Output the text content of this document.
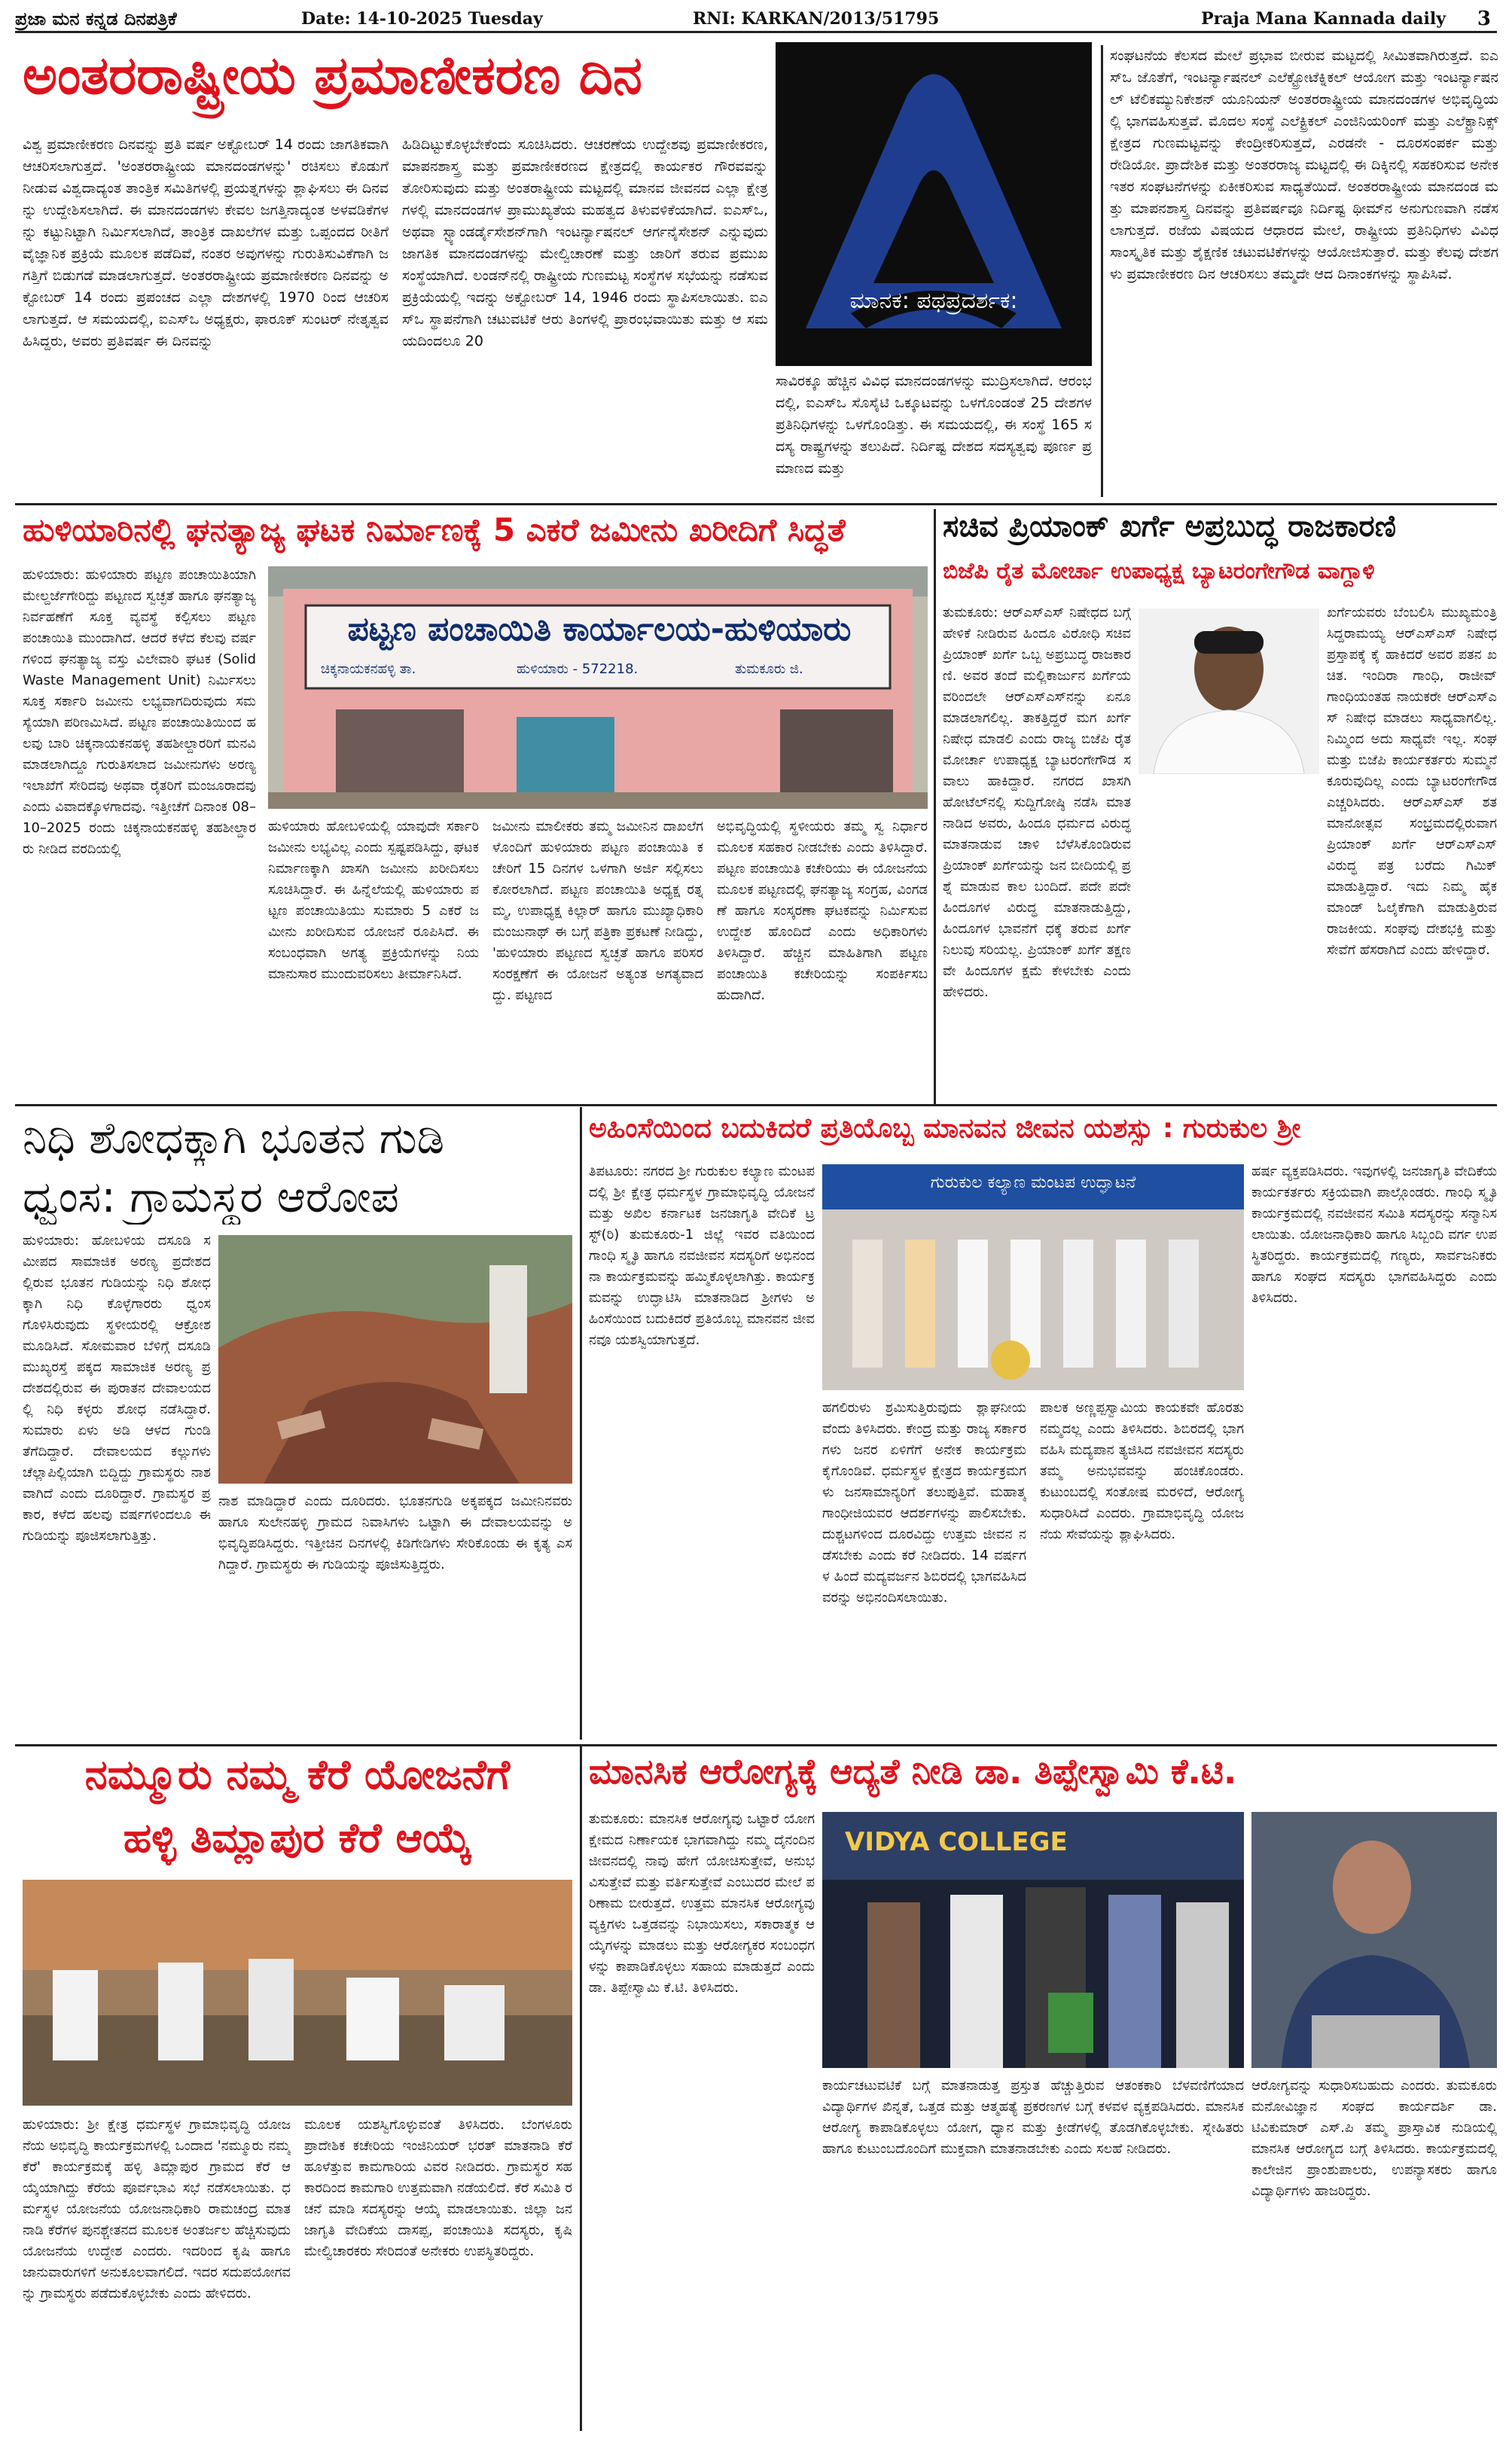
ಪ್ರಜಾ ಮನ ಕನ್ನಡ ದಿನಪತ್ರಿಕೆ	Date: 14-10-2025 Tuesday	RNI: KARKAN/2013/51795	Praja Mana Kannada daily	3
ಅಂತರರಾಷ್ಟ್ರೀಯ ಪ್ರಮಾಣೀಕರಣ ದಿನ
ವಿಶ್ವ ಪ್ರಮಾಣೀಕರಣ ದಿನವನ್ನು ಪ್ರತಿ ವರ್ಷ ಅಕ್ಟೋಬರ್ 14 ರಂದು ಜಾಗತಿಕವಾಗಿ ಆಚರಿಸಲಾಗುತ್ತದೆ. 'ಅಂತರರಾಷ್ಟ್ರೀಯ ಮಾನದಂಡಗಳನ್ನು' ರಚಿಸಲು ಕೊಡುಗೆ ನೀಡುವ ವಿಶ್ವದಾದ್ಯಂತ ತಾಂತ್ರಿಕ ಸಮಿತಿಗಳಲ್ಲಿ ಪ್ರಯತ್ನಗಳನ್ನು ಶ್ಲಾಘಿಸಲು ಈ ದಿನವನ್ನು ಉದ್ದೇಶಿಸಲಾಗಿದೆ. ಈ ಮಾನದಂಡಗಳು ಕೇವಲ ಜಗತ್ತಿನಾದ್ಯಂತ ಅಳವಡಿಕೆಗಳನ್ನು ಕಟ್ಟುನಿಟ್ಟಾಗಿ ನಿರ್ಮಿಸಲಾಗಿದೆ, ತಾಂತ್ರಿಕ ದಾಖಲೆಗಳ ಮತ್ತು ಒಪ್ಪಂದದ ರೀತಿಗೆ ವೈಜ್ಞಾನಿಕ ಪ್ರಕ್ರಿಯೆ ಮೂಲಕ ಪಡೆದಿವೆ, ನಂತರ ಅವುಗಳನ್ನು ಗುರುತಿಸುವಿಕೆಗಾಗಿ ಜಗತ್ತಿಗೆ ಬಿಡುಗಡೆ ಮಾಡಲಾಗುತ್ತದೆ. ಅಂತರರಾಷ್ಟ್ರೀಯ ಪ್ರಮಾಣೀಕರಣ ದಿನವನ್ನು ಅಕ್ಟೋಬರ್ 14 ರಂದು ಪ್ರಪಂಚದ ಎಲ್ಲಾ ದೇಶಗಳಲ್ಲಿ 1970 ರಿಂದ ಆಚರಿಸಲಾಗುತ್ತದೆ. ಆ ಸಮಯದಲ್ಲಿ, ಐಎಸ್‌ಒ ಅಧ್ಯಕ್ಷರು, ಫಾರೂಕ್ ಸುಂಟರ್ ನೇತೃತ್ವವಹಿಸಿದ್ದರು, ಅವರು ಪ್ರತಿವರ್ಷ ಈ ದಿನವನ್ನು
ಹಿಡಿದಿಟ್ಟುಕೊಳ್ಳಬೇಕೆಂದು ಸೂಚಿಸಿದರು. ಆಚರಣೆಯ ಉದ್ದೇಶವು ಪ್ರಮಾಣೀಕರಣ, ಮಾಪನಶಾಸ್ತ್ರ ಮತ್ತು ಪ್ರಮಾಣೀಕರಣದ ಕ್ಷೇತ್ರದಲ್ಲಿ ಕಾರ್ಯಕರ ಗೌರವವನ್ನು ತೋರಿಸುವುದು ಮತ್ತು ಅಂತರಾಷ್ಟ್ರೀಯ ಮಟ್ಟದಲ್ಲಿ ಮಾನವ ಜೀವನದ ಎಲ್ಲಾ ಕ್ಷೇತ್ರಗಳಲ್ಲಿ ಮಾನದಂಡಗಳ ಪ್ರಾಮುಖ್ಯತೆಯ ಮಹತ್ವದ ತಿಳುವಳಿಕೆಯಾಗಿದೆ. ಐಎಸ್‌ಒ, ಅಥವಾ ಸ್ಟ್ಯಾಂಡರ್ಡೈಸೇಶನ್‌ಗಾಗಿ ಇಂಟರ್ನ್ಯಾಷನಲ್ ಆರ್ಗನೈಸೇಶನ್ ಎನ್ನುವುದು ಜಾಗತಿಕ ಮಾನದಂಡಗಳನ್ನು ಮೇಲ್ವಿಚಾರಣೆ ಮತ್ತು ಜಾರಿಗೆ ತರುವ ಪ್ರಮುಖ ಸಂಸ್ಥೆಯಾಗಿದೆ. ಲಂಡನ್‌ನಲ್ಲಿ ರಾಷ್ಟ್ರೀಯ ಗುಣಮಟ್ಟ ಸಂಸ್ಥೆಗಳ ಸಭೆಯನ್ನು ನಡೆಸುವ ಪ್ರಕ್ರಿಯೆಯಲ್ಲಿ ಇದನ್ನು ಅಕ್ಟೋಬರ್ 14, 1946 ರಂದು ಸ್ಥಾಪಿಸಲಾಯಿತು. ಐಎಸ್‌ಒ ಸ್ಥಾಪನೆಗಾಗಿ ಚಟುವಟಿಕೆ ಆರು ತಿಂಗಳಲ್ಲಿ ಪ್ರಾರಂಭವಾಯಿತು ಮತ್ತು ಆ ಸಮಯದಿಂದಲೂ 20
ಮಾನಕ: ಪಥಪ್ರದರ್ಶಕ:
ಸಾವಿರಕ್ಕೂ ಹೆಚ್ಚಿನ ವಿವಿಧ ಮಾನದಂಡಗಳನ್ನು ಮುದ್ರಿಸಲಾಗಿದೆ. ಆರಂಭದಲ್ಲಿ, ಐಎಸ್‌ಒ ಸೊಸೈಟಿ ಒಕ್ಕೂಟವನ್ನು ಒಳಗೊಂಡಂತೆ 25 ದೇಶಗಳ ಪ್ರತಿನಿಧಿಗಳನ್ನು ಒಳಗೊಂಡಿತ್ತು. ಈ ಸಮಯದಲ್ಲಿ, ಈ ಸಂಸ್ಥೆ 165 ಸದಸ್ಯ ರಾಷ್ಟ್ರಗಳನ್ನು ತಲುಪಿದೆ. ನಿರ್ದಿಷ್ಟ ದೇಶದ ಸದಸ್ಯತ್ವವು ಪೂರ್ಣ ಪ್ರಮಾಣದ ಮತ್ತು
ಸಂಘಟನೆಯ ಕೆಲಸದ ಮೇಲೆ ಪ್ರಭಾವ ಬೀರುವ ಮಟ್ಟದಲ್ಲಿ ಸೀಮಿತವಾಗಿರುತ್ತದೆ. ಐಎಸ್‌ಒ ಜೊತೆಗೆ, ಇಂಟರ್ನ್ಯಾಷನಲ್ ಎಲೆಕ್ಟ್ರೋಟೆಕ್ನಿಕಲ್ ಆಯೋಗ ಮತ್ತು ಇಂಟರ್ನ್ಯಾಷನಲ್ ಟೆಲಿಕಮ್ಯುನಿಕೇಶನ್ ಯೂನಿಯನ್ ಅಂತರರಾಷ್ಟ್ರೀಯ ಮಾನದಂಡಗಳ ಅಭಿವೃದ್ಧಿಯಲ್ಲಿ ಭಾಗವಹಿಸುತ್ತವೆ. ಮೊದಲ ಸಂಸ್ಥೆ ಎಲೆಕ್ಟ್ರಿಕಲ್ ಎಂಜಿನಿಯರಿಂಗ್ ಮತ್ತು ಎಲೆಕ್ಟ್ರಾನಿಕ್ಸ್ ಕ್ಷೇತ್ರದ ಗುಣಮಟ್ಟವನ್ನು ಕೇಂದ್ರೀಕರಿಸುತ್ತದೆ, ಎರಡನೇ - ದೂರಸಂಪರ್ಕ ಮತ್ತು ರೇಡಿಯೋ. ಪ್ರಾದೇಶಿಕ ಮತ್ತು ಅಂತರರಾಜ್ಯ ಮಟ್ಟದಲ್ಲಿ ಈ ದಿಕ್ಕಿನಲ್ಲಿ ಸಹಕರಿಸುವ ಅನೇಕ ಇತರ ಸಂಘಟನೆಗಳನ್ನು ಏಕೀಕರಿಸುವ ಸಾಧ್ಯತೆಯಿದೆ. ಅಂತರರಾಷ್ಟ್ರೀಯ ಮಾನದಂಡ ಮತ್ತು ಮಾಪನಶಾಸ್ತ್ರ ದಿನವನ್ನು ಪ್ರತಿವರ್ಷವೂ ನಿರ್ದಿಷ್ಟ ಥೀಮ್‌ನ ಅನುಗುಣವಾಗಿ ನಡೆಸಲಾಗುತ್ತದೆ. ರಜೆಯ ವಿಷಯದ ಆಧಾರದ ಮೇಲೆ, ರಾಷ್ಟ್ರೀಯ ಪ್ರತಿನಿಧಿಗಳು ವಿವಿಧ ಸಾಂಸ್ಕೃತಿಕ ಮತ್ತು ಶೈಕ್ಷಣಿಕ ಚಟುವಟಿಕೆಗಳನ್ನು ಆಯೋಜಿಸುತ್ತಾರೆ. ಮತ್ತು ಕೆಲವು ದೇಶಗಳು ಪ್ರಮಾಣೀಕರಣ ದಿನ ಆಚರಿಸಲು ತಮ್ಮದೇ ಆದ ದಿನಾಂಕಗಳನ್ನು ಸ್ಥಾಪಿಸಿವೆ.
ಹುಳಿಯಾರಿನಲ್ಲಿ ಘನತ್ಯಾಜ್ಯ ಘಟಕ ನಿರ್ಮಾಣಕ್ಕೆ 5 ಎಕರೆ ಜಮೀನು ಖರೀದಿಗೆ ಸಿದ್ಧತೆ
ಹುಳಿಯಾರು: ಹುಳಿಯಾರು ಪಟ್ಟಣ ಪಂಚಾಯಿತಿಯಾಗಿ ಮೇಲ್ದರ್ಜೆಗೇರಿದ್ದು ಪಟ್ಟಣದ ಸ್ವಚ್ಛತೆ ಹಾಗೂ ಘನತ್ಯಾಜ್ಯ ನಿರ್ವಹಣೆಗೆ ಸೂಕ್ತ ವ್ಯವಸ್ಥೆ ಕಲ್ಪಿಸಲು ಪಟ್ಟಣ ಪಂಚಾಯಿತಿ ಮುಂದಾಗಿದೆ. ಆದರೆ ಕಳೆದ ಕೆಲವು ವರ್ಷಗಳಿಂದ ಘನತ್ಯಾಜ್ಯ ವಸ್ತು ವಿಲೇವಾರಿ ಘಟಕ (Solid Waste Management Unit) ನಿರ್ಮಿಸಲು ಸೂಕ್ತ ಸರ್ಕಾರಿ ಜಮೀನು ಲಭ್ಯವಾಗದಿರುವುದು ಸಮಸ್ಯೆಯಾಗಿ ಪರಿಣಮಿಸಿದೆ. ಪಟ್ಟಣ ಪಂಚಾಯಿತಿಯಿಂದ ಹಲವು ಬಾರಿ ಚಿಕ್ಕನಾಯಕನಹಳ್ಳಿ ತಹಶೀಲ್ದಾರರಿಗೆ ಮನವಿ ಮಾಡಲಾಗಿದ್ದೂ ಗುರುತಿಸಲಾದ ಜಮೀನುಗಳು ಅರಣ್ಯ ಇಲಾಖೆಗೆ ಸೇರಿದವು ಅಥವಾ ರೈತರಿಗೆ ಮಂಜೂರಾದವು ಎಂದು ವಿವಾದಕ್ಕೊಳಗಾದವು. ಇತ್ತೀಚೆಗೆ ದಿನಾಂಕ 08–10–2025 ರಂದು ಚಿಕ್ಕನಾಯಕನಹಳ್ಳಿ ತಹಶೀಲ್ದಾರರು ನೀಡಿದ ವರದಿಯಲ್ಲಿ
ಪಟ್ಟಣ ಪಂಚಾಯಿತಿ ಕಾರ್ಯಾಲಯ-ಹುಳಿಯಾರು
ಚಿಕ್ಕನಾಯಕನಹಳ್ಳಿ ತಾ.	ಹುಳಿಯಾರು - 572218.	ತುಮಕೂರು ಜಿ.
ಹುಳಿಯಾರು ಹೋಬಳಿಯಲ್ಲಿ ಯಾವುದೇ ಸರ್ಕಾರಿ ಜಮೀನು ಲಭ್ಯವಿಲ್ಲ ಎಂದು ಸ್ಪಷ್ಟಪಡಿಸಿದ್ದು, ಘಟಕ ನಿರ್ಮಾಣಕ್ಕಾಗಿ ಖಾಸಗಿ ಜಮೀನು ಖರೀದಿಸಲು ಸೂಚಿಸಿದ್ದಾರೆ. ಈ ಹಿನ್ನೆಲೆಯಲ್ಲಿ ಹುಳಿಯಾರು ಪಟ್ಟಣ ಪಂಚಾಯಿತಿಯು ಸುಮಾರು 5 ಎಕರೆ ಜಮೀನು ಖರೀದಿಸುವ ಯೋಜನೆ ರೂಪಿಸಿದೆ. ಈ ಸಂಬಂಧವಾಗಿ ಅಗತ್ಯ ಪ್ರಕ್ರಿಯೆಗಳನ್ನು ನಿಯಮಾನುಸಾರ ಮುಂದುವರಿಸಲು ತೀರ್ಮಾನಿಸಿದೆ.
ಜಮೀನು ಮಾಲೀಕರು ತಮ್ಮ ಜಮೀನಿನ ದಾಖಲೆಗಳೊಂದಿಗೆ ಹುಳಿಯಾರು ಪಟ್ಟಣ ಪಂಚಾಯಿತಿ ಕಚೇರಿಗೆ 15 ದಿನಗಳ ಒಳಗಾಗಿ ಅರ್ಜಿ ಸಲ್ಲಿಸಲು ಕೋರಲಾಗಿದೆ. ಪಟ್ಟಣ ಪಂಚಾಯಿತಿ ಅಧ್ಯಕ್ಷ ರತ್ನಮ್ಮ, ಉಪಾಧ್ಯಕ್ಷ ಕಿಲ್ಲಾರ್ ಹಾಗೂ ಮುಖ್ಯಾಧಿಕಾರಿ ಮಂಜುನಾಥ್ ಈ ಬಗ್ಗೆ ಪತ್ರಿಕಾ ಪ್ರಕಟಣೆ ನೀಡಿದ್ದು, 'ಹುಳಿಯಾರು ಪಟ್ಟಣದ ಸ್ವಚ್ಛತೆ ಹಾಗೂ ಪರಿಸರ ಸಂರಕ್ಷಣೆಗೆ ಈ ಯೋಜನೆ ಅತ್ಯಂತ ಅಗತ್ಯವಾದದ್ದು. ಪಟ್ಟಣದ
ಅಭಿವೃದ್ಧಿಯಲ್ಲಿ ಸ್ಥಳೀಯರು ತಮ್ಮ ಸ್ವ ನಿರ್ಧಾರ ಮೂಲಕ ಸಹಕಾರ ನೀಡಬೇಕು ಎಂದು ತಿಳಿಸಿದ್ದಾರೆ. ಪಟ್ಟಣ ಪಂಚಾಯಿತಿ ಕಚೇರಿಯು ಈ ಯೋಜನೆಯ ಮೂಲಕ ಪಟ್ಟಣದಲ್ಲಿ ಘನತ್ಯಾಜ್ಯ ಸಂಗ್ರಹ, ವಿಂಗಡಣೆ ಹಾಗೂ ಸಂಸ್ಕರಣಾ ಘಟಕವನ್ನು ನಿರ್ಮಿಸುವ ಉದ್ದೇಶ ಹೊಂದಿದೆ ಎಂದು ಅಧಿಕಾರಿಗಳು ತಿಳಿಸಿದ್ದಾರೆ. ಹೆಚ್ಚಿನ ಮಾಹಿತಿಗಾಗಿ ಪಟ್ಟಣ ಪಂಚಾಯಿತಿ ಕಚೇರಿಯನ್ನು ಸಂಪರ್ಕಿಸಬಹುದಾಗಿದೆ.
ಸಚಿವ ಪ್ರಿಯಾಂಕ್ ಖರ್ಗೆ ಅಪ್ರಬುದ್ಧ ರಾಜಕಾರಣಿ
ಬಿಜೆಪಿ ರೈತ ಮೋರ್ಚಾ ಉಪಾಧ್ಯಕ್ಷ ಬ್ಯಾಟರಂಗೇಗೌಡ ವಾಗ್ದಾಳಿ
ತುಮಕೂರು: ಆರ್‌ಎಸ್‌ಎಸ್ ನಿಷೇಧದ ಬಗ್ಗೆ ಹೇಳಿಕೆ ನೀಡಿರುವ ಹಿಂದೂ ವಿರೋಧಿ ಸಚಿವ ಪ್ರಿಯಾಂಕ್ ಖರ್ಗೆ ಒಬ್ಬ ಅಪ್ರಬುದ್ಧ ರಾಜಕಾರಣಿ. ಅವರ ತಂದೆ ಮಲ್ಲಿಕಾರ್ಜುನ ಖರ್ಗೆಯವರಿಂದಲೇ ಆರ್‌ಎಸ್‌ಎಸ್‌ನನ್ನು ಏನೂ ಮಾಡಲಾಗಲಿಲ್ಲ. ತಾಕತ್ತಿದ್ದರೆ ಮಗ ಖರ್ಗೆ ನಿಷೇಧ ಮಾಡಲಿ ಎಂದು ರಾಜ್ಯ ಬಿಜೆಪಿ ರೈತ ಮೋರ್ಚಾ ಉಪಾಧ್ಯಕ್ಷ ಬ್ಯಾಟರಂಗೇಗೌಡ ಸವಾಲು ಹಾಕಿದ್ದಾರೆ. ನಗರದ ಖಾಸಗಿ ಹೋಟೆಲ್‌ನಲ್ಲಿ ಸುದ್ದಿಗೋಷ್ಠಿ ನಡೆಸಿ ಮಾತನಾಡಿದ ಅವರು, ಹಿಂದೂ ಧರ್ಮದ ವಿರುದ್ಧ ಮಾತನಾಡುವ ಚಾಳಿ ಬೆಳೆಸಿಕೊಂಡಿರುವ ಪ್ರಿಯಾಂಕ್ ಖರ್ಗೆಯನ್ನು ಜನ ಬೀದಿಯಲ್ಲಿ ಪ್ರಶ್ನೆ ಮಾಡುವ ಕಾಲ ಬಂದಿದೆ. ಪದೇ ಪದೇ ಹಿಂದೂಗಳ ವಿರುದ್ಧ ಮಾತನಾಡುತ್ತಿದ್ದು, ಹಿಂದೂಗಳ ಭಾವನೆಗೆ ಧಕ್ಕೆ ತರುವ ಖರ್ಗೆ ನಿಲುವು ಸರಿಯಲ್ಲ. ಪ್ರಿಯಾಂಕ್ ಖರ್ಗೆ ತಕ್ಷಣವೇ ಹಿಂದೂಗಳ ಕ್ಷಮೆ ಕೇಳಬೇಕು ಎಂದು ಹೇಳಿದರು.
ಖರ್ಗೆಯವರು ಬೆಂಬಲಿಸಿ ಮುಖ್ಯಮಂತ್ರಿ ಸಿದ್ದರಾಮಯ್ಯ ಆರ್‌ಎಸ್‌ಎಸ್ ನಿಷೇಧ ಪ್ರಸ್ತಾಪಕ್ಕೆ ಕೈ ಹಾಕಿದರೆ ಅವರ ಪತನ ಖಚಿತ. ಇಂದಿರಾ ಗಾಂಧಿ, ರಾಜೀವ್ ಗಾಂಧಿಯಂತಹ ನಾಯಕರೇ ಆರ್‌ಎಸ್‌ಎಸ್ ನಿಷೇಧ ಮಾಡಲು ಸಾಧ್ಯವಾಗಲಿಲ್ಲ. ನಿಮ್ಮಿಂದ ಅದು ಸಾಧ್ಯವೇ ಇಲ್ಲ. ಸಂಘ ಮತ್ತು ಬಿಜೆಪಿ ಕಾರ್ಯಕರ್ತರು ಸುಮ್ಮನೆ ಕೂರುವುದಿಲ್ಲ ಎಂದು ಬ್ಯಾಟರಂಗೇಗೌಡ ಎಚ್ಚರಿಸಿದರು. ಆರ್‌ಎಸ್‌ಎಸ್ ಶತಮಾನೋತ್ಸವ ಸಂಭ್ರಮದಲ್ಲಿರುವಾಗ ಪ್ರಿಯಾಂಕ್ ಖರ್ಗೆ ಆರ್‌ಎಸ್‌ಎಸ್ ವಿರುದ್ಧ ಪತ್ರ ಬರೆದು ಗಿಮಿಕ್ ಮಾಡುತ್ತಿದ್ದಾರೆ. ಇದು ನಿಮ್ಮ ಹೈಕಮಾಂಡ್ ಓಲೈಕೆಗಾಗಿ ಮಾಡುತ್ತಿರುವ ರಾಜಕೀಯ. ಸಂಘವು ದೇಶಭಕ್ತಿ ಮತ್ತು ಸೇವೆಗೆ ಹೆಸರಾಗಿದೆ ಎಂದು ಹೇಳಿದ್ದಾರೆ.
ನಿಧಿ ಶೋಧಕ್ಕಾಗಿ ಭೂತನ ಗುಡಿ
ಧ್ವಂಸ: ಗ್ರಾಮಸ್ಥರ ಆರೋಪ
ಹುಳಿಯಾರು: ಹೋಬಳಿಯ ದಸೂಡಿ ಸಮೀಪದ ಸಾಮಾಜಿಕ ಅರಣ್ಯ ಪ್ರದೇಶದಲ್ಲಿರುವ ಭೂತನ ಗುಡಿಯನ್ನು ನಿಧಿ ಶೋಧಕ್ಕಾಗಿ ನಿಧಿ ಕೊಳ್ಳೆಗಾರರು ಧ್ವಂಸಗೊಳಿಸಿರುವುದು ಸ್ಥಳೀಯರಲ್ಲಿ ಆಕ್ರೋಶ ಮೂಡಿಸಿದೆ. ಸೋಮವಾರ ಬೆಳಿಗ್ಗೆ ದಸೂಡಿ ಮುಖ್ಯರಸ್ತೆ ಪಕ್ಕದ ಸಾಮಾಜಿಕ ಅರಣ್ಯ ಪ್ರದೇಶದಲ್ಲಿರುವ ಈ ಪುರಾತನ ದೇವಾಲಯದಲ್ಲಿ ನಿಧಿ ಕಳ್ಳರು ಶೋಧ ನಡೆಸಿದ್ದಾರೆ. ಸುಮಾರು ಏಳು ಅಡಿ ಆಳದ ಗುಂಡಿ ತೆಗೆದಿದ್ದಾರೆ. ದೇವಾಲಯದ ಕಲ್ಲುಗಳು ಚೆಲ್ಲಾಪಿಲ್ಲಿಯಾಗಿ ಬಿದ್ದಿದ್ದು ಗ್ರಾಮಸ್ಥರು ನಾಶವಾಗಿದೆ ಎಂದು ದೂರಿದ್ದಾರೆ. ಗ್ರಾಮಸ್ಥರ ಪ್ರಕಾರ, ಕಳೆದ ಹಲವು ವರ್ಷಗಳಿಂದಲೂ ಈ ಗುಡಿಯನ್ನು ಪೂಜಿಸಲಾಗುತ್ತಿತ್ತು.
ನಾಶ ಮಾಡಿದ್ದಾರೆ ಎಂದು ದೂರಿದರು. ಭೂತನಗುಡಿ ಅಕ್ಕಪಕ್ಕದ ಜಮೀನಿನವರು ಹಾಗೂ ಸುಲೇನಹಳ್ಳಿ ಗ್ರಾಮದ ನಿವಾಸಿಗಳು ಒಟ್ಟಾಗಿ ಈ ದೇವಾಲಯವನ್ನು ಅಭಿವೃದ್ಧಿಪಡಿಸಿದ್ದರು. ಇತ್ತೀಚಿನ ದಿನಗಳಲ್ಲಿ ಕಿಡಿಗೇಡಿಗಳು ಸೇರಿಕೊಂಡು ಈ ಕೃತ್ಯ ಎಸಗಿದ್ದಾರೆ. ಗ್ರಾಮಸ್ಥರು ಈ ಗುಡಿಯನ್ನು ಪೂಜಿಸುತ್ತಿದ್ದರು.
ಅಹಿಂಸೆಯಿಂದ ಬದುಕಿದರೆ ಪ್ರತಿಯೊಬ್ಬ ಮಾನವನ ಜೀವನ ಯಶಸ್ಸು : ಗುರುಕುಲ ಶ್ರೀ
ತಿಪಟೂರು: ನಗರದ ಶ್ರೀ ಗುರುಕುಲ ಕಲ್ಯಾಣ ಮಂಟಪದಲ್ಲಿ ಶ್ರೀ ಕ್ಷೇತ್ರ ಧರ್ಮಸ್ಥಳ ಗ್ರಾಮಾಭಿವೃದ್ಧಿ ಯೋಜನೆ ಮತ್ತು ಅಖಿಲ ಕರ್ನಾಟಕ ಜನಜಾಗೃತಿ ವೇದಿಕೆ ಟ್ರಸ್ಟ್(ರಿ) ತುಮಕೂರು-1 ಜಿಲ್ಲೆ ಇವರ ವತಿಯಿಂದ ಗಾಂಧಿ ಸ್ಮೃತಿ ಹಾಗೂ ನವಜೀವನ ಸದಸ್ಯರಿಗೆ ಅಭಿನಂದನಾ ಕಾರ್ಯಕ್ರಮವನ್ನು ಹಮ್ಮಿಕೊಳ್ಳಲಾಗಿತ್ತು. ಕಾರ್ಯಕ್ರಮವನ್ನು ಉದ್ಘಾಟಿಸಿ ಮಾತನಾಡಿದ ಶ್ರೀಗಳು ಅಹಿಂಸೆಯಿಂದ ಬದುಕಿದರೆ ಪ್ರತಿಯೊಬ್ಬ ಮಾನವನ ಜೀವನವೂ ಯಶಸ್ವಿಯಾಗುತ್ತದೆ.
ಗುರುಕುಲ ಕಲ್ಯಾಣ ಮಂಟಪ ಉದ್ಘಾಟನೆ
ಹಗಲಿರುಳು ಶ್ರಮಿಸುತ್ತಿರುವುದು ಶ್ಲಾಘನೀಯವೆಂದು ತಿಳಿಸಿದರು. ಕೇಂದ್ರ ಮತ್ತು ರಾಜ್ಯ ಸರ್ಕಾರಗಳು ಜನರ ಏಳಿಗೆಗೆ ಅನೇಕ ಕಾರ್ಯಕ್ರಮ ಕೈಗೊಂಡಿವೆ. ಧರ್ಮಸ್ಥಳ ಕ್ಷೇತ್ರದ ಕಾರ್ಯಕ್ರಮಗಳು ಜನಸಾಮಾನ್ಯರಿಗೆ ತಲುಪುತ್ತಿವೆ. ಮಹಾತ್ಮ ಗಾಂಧೀಜಿಯವರ ಆದರ್ಶಗಳನ್ನು ಪಾಲಿಸಬೇಕು. ದುಶ್ಚಟಗಳಿಂದ ದೂರವಿದ್ದು ಉತ್ತಮ ಜೀವನ ನಡೆಸಬೇಕು ಎಂದು ಕರೆ ನೀಡಿದರು. 14 ವರ್ಷಗಳ ಹಿಂದೆ ಮದ್ಯವರ್ಜನ ಶಿಬಿರದಲ್ಲಿ ಭಾಗವಹಿಸಿದವರನ್ನು ಅಭಿನಂದಿಸಲಾಯಿತು.
ಪಾಲಕ ಅಣ್ಣಪ್ಪಸ್ವಾಮಿಯ ಕಾಯಕವೇ ಹೊರತು ನಮ್ಮದಲ್ಲ ಎಂದು ತಿಳಿಸಿದರು. ಶಿಬಿರದಲ್ಲಿ ಭಾಗವಹಿಸಿ ಮದ್ಯಪಾನ ತ್ಯಜಿಸಿದ ನವಜೀವನ ಸದಸ್ಯರು ತಮ್ಮ ಅನುಭವವನ್ನು ಹಂಚಿಕೊಂಡರು. ಕುಟುಂಬದಲ್ಲಿ ಸಂತೋಷ ಮರಳಿದೆ, ಆರೋಗ್ಯ ಸುಧಾರಿಸಿದೆ ಎಂದರು. ಗ್ರಾಮಾಭಿವೃದ್ಧಿ ಯೋಜನೆಯ ಸೇವೆಯನ್ನು ಶ್ಲಾಘಿಸಿದರು.
ಹರ್ಷ ವ್ಯಕ್ತಪಡಿಸಿದರು. ಇವುಗಳಲ್ಲಿ ಜನಜಾಗೃತಿ ವೇದಿಕೆಯ ಕಾರ್ಯಕರ್ತರು ಸಕ್ರಿಯವಾಗಿ ಪಾಲ್ಗೊಂಡರು. ಗಾಂಧಿ ಸ್ಮೃತಿ ಕಾರ್ಯಕ್ರಮದಲ್ಲಿ ನವಜೀವನ ಸಮಿತಿ ಸದಸ್ಯರನ್ನು ಸನ್ಮಾನಿಸಲಾಯಿತು. ಯೋಜನಾಧಿಕಾರಿ ಹಾಗೂ ಸಿಬ್ಬಂದಿ ವರ್ಗ ಉಪಸ್ಥಿತರಿದ್ದರು. ಕಾರ್ಯಕ್ರಮದಲ್ಲಿ ಗಣ್ಯರು, ಸಾರ್ವಜನಿಕರು ಹಾಗೂ ಸಂಘದ ಸದಸ್ಯರು ಭಾಗವಹಿಸಿದ್ದರು ಎಂದು ತಿಳಿಸಿದರು.
ನಮ್ಮೂರು ನಮ್ಮ ಕೆರೆ ಯೋಜನೆಗೆ
ಹಳ್ಳಿ ತಿಮ್ಲಾಪುರ ಕೆರೆ ಆಯ್ಕೆ
ಹುಳಿಯಾರು: ಶ್ರೀ ಕ್ಷೇತ್ರ ಧರ್ಮಸ್ಥಳ ಗ್ರಾಮಾಭಿವೃದ್ಧಿ ಯೋಜನೆಯ ಅಭಿವೃದ್ಧಿ ಕಾರ್ಯಕ್ರಮಗಳಲ್ಲಿ ಒಂದಾದ 'ನಮ್ಮೂರು ನಮ್ಮ ಕೆರೆ' ಕಾರ್ಯಕ್ರಮಕ್ಕೆ ಹಳ್ಳಿ ತಿಮ್ಲಾಪುರ ಗ್ರಾಮದ ಕೆರೆ ಆಯ್ಕೆಯಾಗಿದ್ದು ಕೆರೆಯ ಪೂರ್ವಭಾವಿ ಸಭೆ ನಡೆಸಲಾಯಿತು. ಧರ್ಮಸ್ಥಳ ಯೋಜನೆಯ ಯೋಜನಾಧಿಕಾರಿ ರಾಮಚಂದ್ರ ಮಾತನಾಡಿ ಕೆರೆಗಳ ಪುನಶ್ಚೇತನದ ಮೂಲಕ ಅಂತರ್ಜಲ ಹೆಚ್ಚಿಸುವುದು ಯೋಜನೆಯ ಉದ್ದೇಶ ಎಂದರು. ಇದರಿಂದ ಕೃಷಿ ಹಾಗೂ ಜಾನುವಾರುಗಳಿಗೆ ಅನುಕೂಲವಾಗಲಿದೆ. ಇದರ ಸದುಪಯೋಗವನ್ನು ಗ್ರಾಮಸ್ಥರು ಪಡೆದುಕೊಳ್ಳಬೇಕು ಎಂದು ಹೇಳಿದರು.
ಮೂಲಕ ಯಶಸ್ವಿಗೊಳ್ಳುವಂತೆ ತಿಳಿಸಿದರು. ಬೆಂಗಳೂರು ಪ್ರಾದೇಶಿಕ ಕಚೇರಿಯ ಇಂಜಿನಿಯರ್ ಭರತ್ ಮಾತನಾಡಿ ಕೆರೆ ಹೂಳೆತ್ತುವ ಕಾಮಗಾರಿಯ ವಿವರ ನೀಡಿದರು. ಗ್ರಾಮಸ್ಥರ ಸಹಕಾರದಿಂದ ಕಾಮಗಾರಿ ಉತ್ತಮವಾಗಿ ನಡೆಯಲಿದೆ. ಕೆರೆ ಸಮಿತಿ ರಚನೆ ಮಾಡಿ ಸದಸ್ಯರನ್ನು ಆಯ್ಕೆ ಮಾಡಲಾಯಿತು. ಜಿಲ್ಲಾ ಜನಜಾಗೃತಿ ವೇದಿಕೆಯ ದಾಸಪ್ಪ, ಪಂಚಾಯಿತಿ ಸದಸ್ಯರು, ಕೃಷಿ ಮೇಲ್ವಿಚಾರಕರು ಸೇರಿದಂತೆ ಅನೇಕರು ಉಪಸ್ಥಿತರಿದ್ದರು.
ಮಾನಸಿಕ ಆರೋಗ್ಯಕ್ಕೆ ಆದ್ಯತೆ ನೀಡಿ ಡಾ. ತಿಪ್ಪೇಸ್ವಾಮಿ ಕೆ.ಟಿ.
ತುಮಕೂರು: ಮಾನಸಿಕ ಆರೋಗ್ಯವು ಒಟ್ಟಾರೆ ಯೋಗಕ್ಷೇಮದ ನಿರ್ಣಾಯಕ ಭಾಗವಾಗಿದ್ದು ನಮ್ಮ ದೈನಂದಿನ ಜೀವನದಲ್ಲಿ ನಾವು ಹೇಗೆ ಯೋಚಿಸುತ್ತೇವೆ, ಅನುಭವಿಸುತ್ತೇವೆ ಮತ್ತು ವರ್ತಿಸುತ್ತೇವೆ ಎಂಬುದರ ಮೇಲೆ ಪರಿಣಾಮ ಬೀರುತ್ತದೆ. ಉತ್ತಮ ಮಾನಸಿಕ ಆರೋಗ್ಯವು ವ್ಯಕ್ತಿಗಳು ಒತ್ತಡವನ್ನು ನಿಭಾಯಿಸಲು, ಸಕಾರಾತ್ಮಕ ಆಯ್ಕೆಗಳನ್ನು ಮಾಡಲು ಮತ್ತು ಆರೋಗ್ಯಕರ ಸಂಬಂಧಗಳನ್ನು ಕಾಪಾಡಿಕೊಳ್ಳಲು ಸಹಾಯ ಮಾಡುತ್ತದೆ ಎಂದು ಡಾ. ತಿಪ್ಪೇಸ್ವಾಮಿ ಕೆ.ಟಿ. ತಿಳಿಸಿದರು.
VIDYA COLLEGE
ಕಾರ್ಯಚಟುವಟಿಕೆ ಬಗ್ಗೆ ಮಾತನಾಡುತ್ತ ಪ್ರಸ್ತುತ ಹೆಚ್ಚುತ್ತಿರುವ ಆತಂಕಕಾರಿ ಬೆಳವಣಿಗೆಯಾದ ವಿದ್ಯಾರ್ಥಿಗಳ ಖಿನ್ನತೆ, ಒತ್ತಡ ಮತ್ತು ಆತ್ಮಹತ್ಯೆ ಪ್ರಕರಣಗಳ ಬಗ್ಗೆ ಕಳವಳ ವ್ಯಕ್ತಪಡಿಸಿದರು. ಮಾನಸಿಕ ಆರೋಗ್ಯ ಕಾಪಾಡಿಕೊಳ್ಳಲು ಯೋಗ, ಧ್ಯಾನ ಮತ್ತು ಕ್ರೀಡೆಗಳಲ್ಲಿ ತೊಡಗಿಕೊಳ್ಳಬೇಕು. ಸ್ನೇಹಿತರು ಹಾಗೂ ಕುಟುಂಬದೊಂದಿಗೆ ಮುಕ್ತವಾಗಿ ಮಾತನಾಡಬೇಕು ಎಂದು ಸಲಹೆ ನೀಡಿದರು.
ಆರೋಗ್ಯವನ್ನು ಸುಧಾರಿಸಬಹುದು ಎಂದರು. ತುಮಕೂರು ಮನೋವಿಜ್ಞಾನ ಸಂಘದ ಕಾರ್ಯದರ್ಶಿ ಡಾ. ಟಿವಿಕುಮಾರ್ ಎಸ್.ಪಿ ತಮ್ಮ ಪ್ರಾಸ್ತಾವಿಕ ನುಡಿಯಲ್ಲಿ ಮಾನಸಿಕ ಆರೋಗ್ಯದ ಬಗ್ಗೆ ತಿಳಿಸಿದರು. ಕಾರ್ಯಕ್ರಮದಲ್ಲಿ ಕಾಲೇಜಿನ ಪ್ರಾಂಶುಪಾಲರು, ಉಪನ್ಯಾಸಕರು ಹಾಗೂ ವಿದ್ಯಾರ್ಥಿಗಳು ಹಾಜರಿದ್ದರು.
